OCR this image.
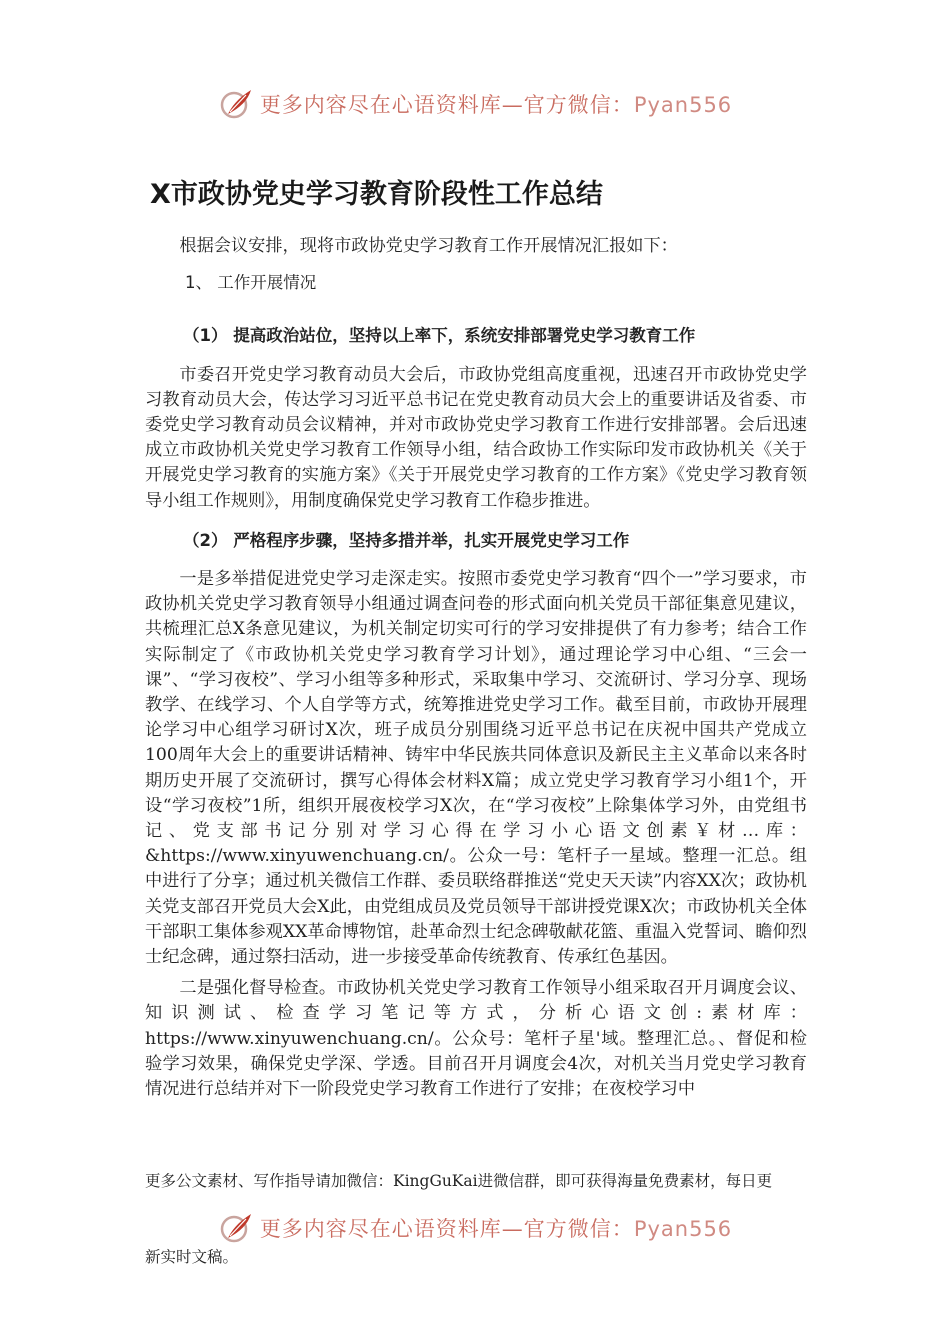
更多内容尽在心语资料库—官方微信：Pyan556
X市政协党史学习教育阶段性工作总结

根据会议安排，现将市政协党史学习教育工作开展情况汇报如下：

1、 工作开展情况

（1） 提高政治站位，坚持以上率下，系统安排部署党史学习教育工作

市委召开党史学习教育动员大会后，市政协党组高度重视，迅速召开市政协党史学习教育动员大会，传达学习习近平总书记在党史教育动员大会上的重要讲话及省委、市委党史学习教育动员会议精神，并对市政协党史学习教育工作进行安排部署。会后迅速成立市政协机关党史学习教育工作领导小组，结合政协工作实际印发市政协机关《关于开展党史学习教育的实施方案》《关于开展党史学习教育的工作方案》《党史学习教育领导小组工作规则》，用制度确保党史学习教育工作稳步推进。

（2） 严格程序步骤，坚持多措并举，扎实开展党史学习工作

一是多举措促进党史学习走深走实。按照市委党史学习教育“四个一”学习要求，市政协机关党史学习教育领导小组通过调查问卷的形式面向机关党员干部征集意见建议，共梳理汇总X条意见建议，为机关制定切实可行的学习安排提供了有力参考；结合工作实际制定了《市政协机关党史学习教育学习计划》，通过理论学习中心组、“三会一课”、“学习夜校”、学习小组等多种形式，采取集中学习、交流研讨、学习分享、现场教学、在线学习、个人自学等方式，统筹推进党史学习工作。截至目前，市政协开展理论学习中心组学习研讨X次，班子成员分别围绕习近平总书记在庆祝中国共产党成立100周年大会上的重要讲话精神、铸牢中华民族共同体意识及新民主主义革命以来各时期历史开展了交流研讨，撰写心得体会材料X篇；成立党史学习教育学习小组1个，开设“学习夜校”1所，组织开展夜校学习X次，在“学习夜校”上除集体学习外，由党组书记、党支部书记分别对学习心得在学习小心语文创素￥材…库：&https://www.xinyuwenchuang.cn/。公众一号：笔杆子一星域。整理一汇总。组中进行了分享；通过机关微信工作群、委员联络群推送“党史天天读”内容XX次；政协机关党支部召开党员大会X此，由党组成员及党员领导干部讲授党课X次；市政协机关全体干部职工集体参观XX革命博物馆，赴革命烈士纪念碑敬献花篮、重温入党誓词、瞻仰烈士纪念碑，通过祭扫活动，进一步接受革命传统教育、传承红色基因。

二是强化督导检查。市政协机关党史学习教育工作领导小组采取召开月调度会议、知识测试、检查学习笔记等方式，分析心语文创:素材库：https://www.xinyuwenchuang.cn/。公众号：笔杆子星'域。整理汇总。、督促和检验学习效果，确保党史学深、学透。目前召开月调度会4次，对机关当月党史学习教育情况进行总结并对下一阶段党史学习教育工作进行了安排；在夜校学习中

更多公文素材、写作指导请加微信：KingGuKai进微信群，即可获得海量免费素材，每日更

更多内容尽在心语资料库—官方微信：Pyan556

新实时文稿。
